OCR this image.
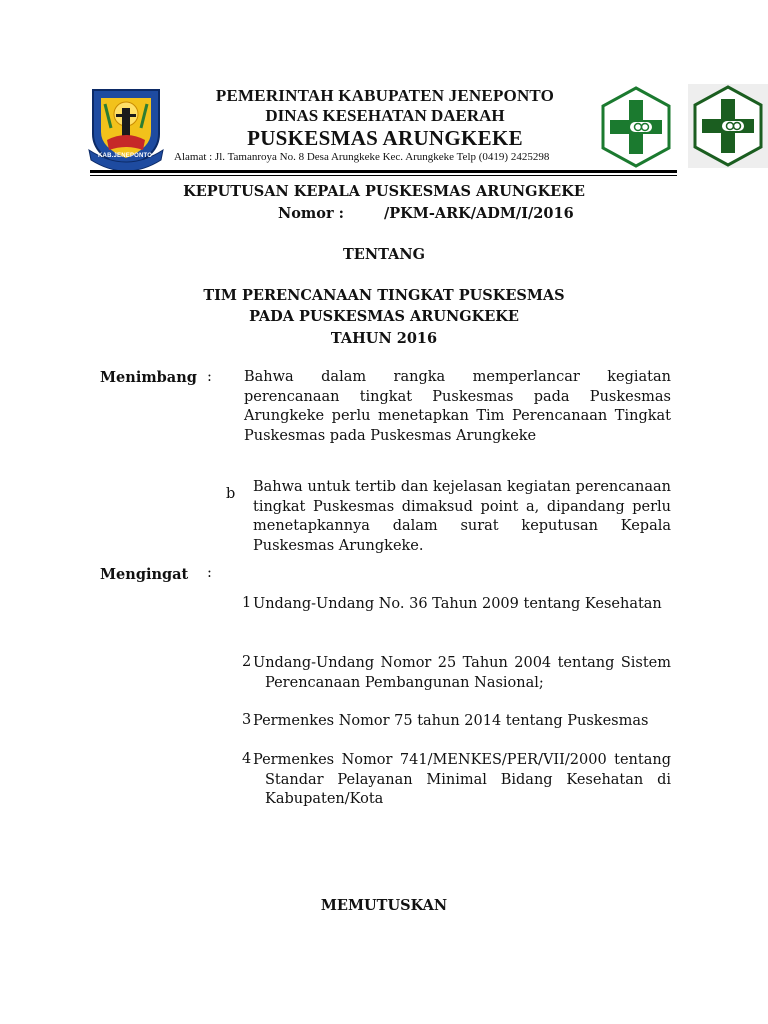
KAB.JENEPONTO
PEMERINTAH KABUPATEN JENEPONTO
DINAS KESEHATAN DAERAH
PUSKESMAS ARUNGKEKE
Alamat : Jl. Tamanroya No. 8 Desa Arungkeke Kec. Arungkeke Telp (0419) 2425298
KEPUTUSAN KEPALA PUSKESMAS ARUNGKEKE
Nomor :	/PKM-ARK/ADM/I/2016
TENTANG
TIM PERENCANAAN TINGKAT PUSKESMAS
PADA PUSKESMAS ARUNGKEKE
TAHUN 2016
Menimbang : Bahwa dalam rangka memperlancar kegiatan perencanaan tingkat Puskesmas pada Puskesmas Arungkeke perlu menetapkan Tim Perencanaan Tingkat Puskesmas pada Puskesmas Arungkeke
b Bahwa untuk tertib dan kejelasan kegiatan perencanaan tingkat Puskesmas dimaksud point a, dipandang perlu menetapkannya dalam surat keputusan Kepala Puskesmas Arungkeke.
Mengingat :
1 Undang-Undang No. 36 Tahun 2009 tentang Kesehatan
2 Undang-Undang Nomor 25 Tahun 2004 tentang Sistem Perencanaan Pembangunan Nasional;
3 Permenkes Nomor 75 tahun 2014 tentang Puskesmas
4 Permenkes Nomor 741/MENKES/PER/VII/2000 tentang Standar Pelayanan Minimal Bidang Kesehatan di Kabupaten/Kota
MEMUTUSKAN
